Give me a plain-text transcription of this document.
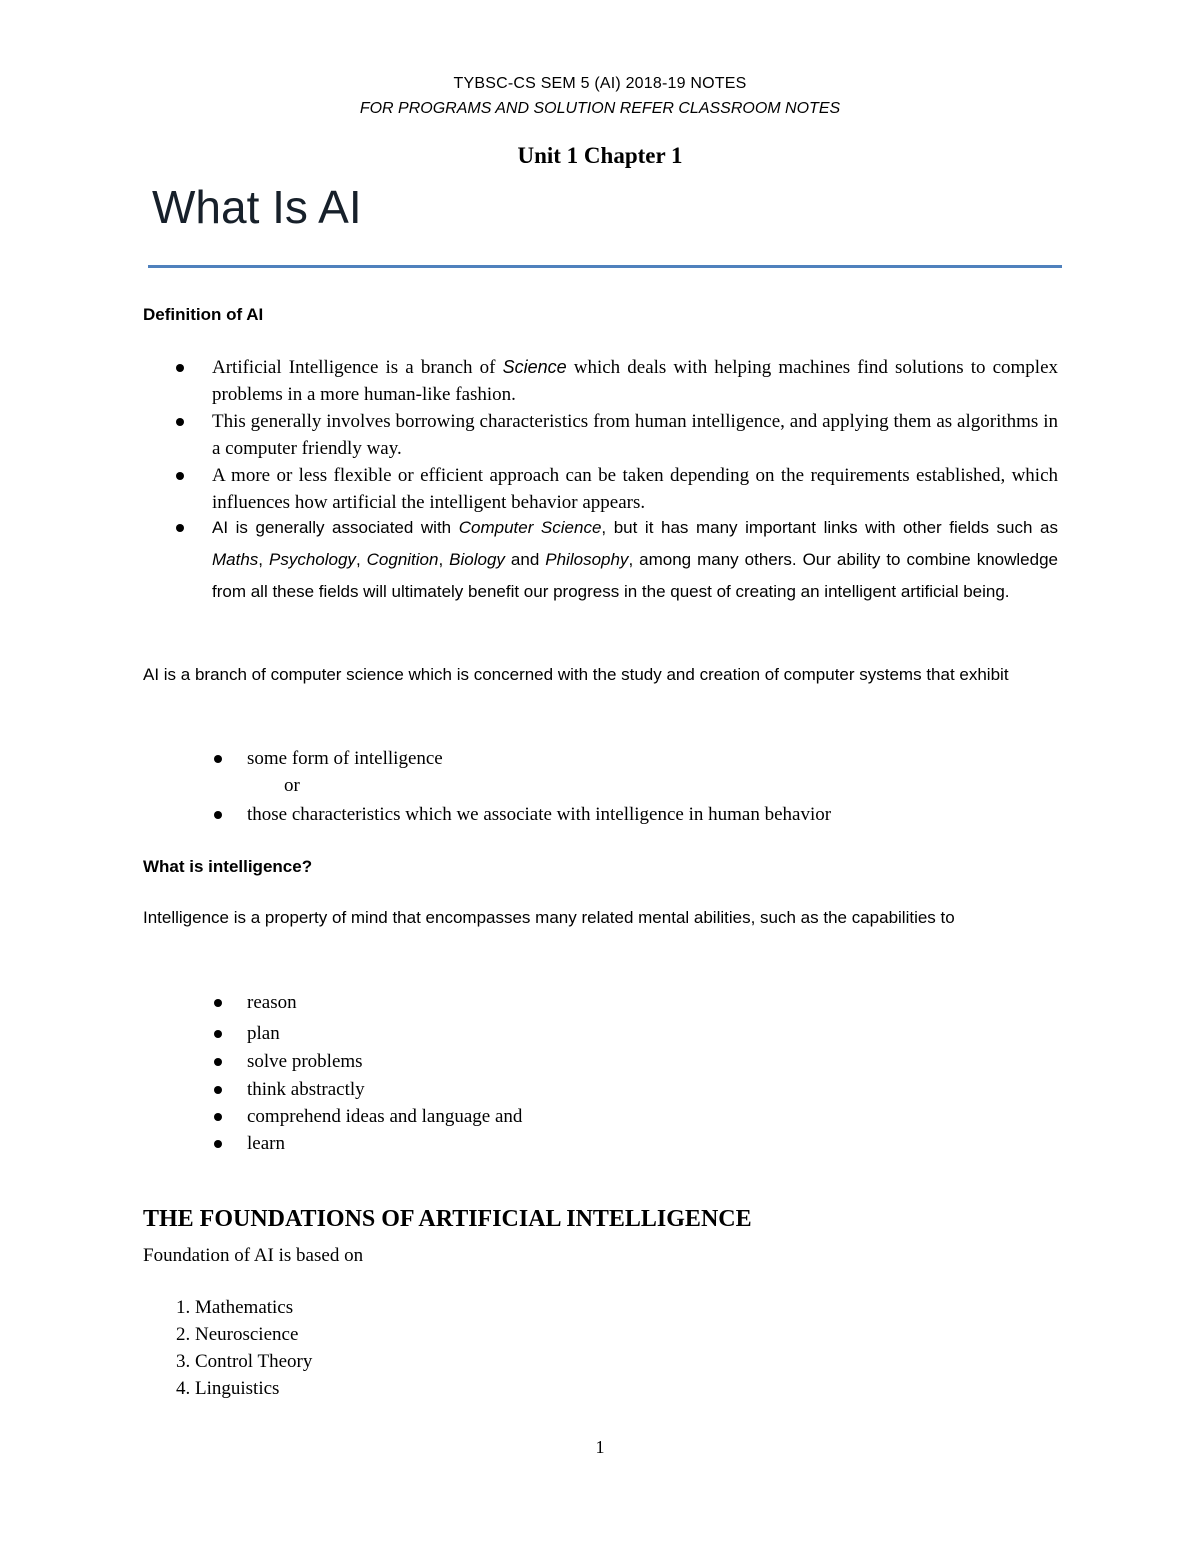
TYBSC-CS SEM 5 (AI) 2018-19 NOTES
FOR PROGRAMS AND SOLUTION REFER CLASSROOM NOTES
Unit 1 Chapter 1
What Is AI
Definition of AI
Artificial Intelligence is a branch of Science which deals with helping machines find solutions to complex problems in a more human-like fashion.
This generally involves borrowing characteristics from human intelligence, and applying them as algorithms in a computer friendly way.
A more or less flexible or efficient approach can be taken depending on the requirements established, which influences how artificial the intelligent behavior appears.
AI is generally associated with Computer Science, but it has many important links with other fields such as Maths, Psychology, Cognition, Biology and Philosophy, among many others. Our ability to combine knowledge from all these fields will ultimately benefit our progress in the quest of creating an intelligent artificial being.
AI is a branch of computer science which is concerned with the study and creation of computer systems that exhibit
some form of intelligence
or
those characteristics which we associate with intelligence in human behavior
What is intelligence?
Intelligence is a property of mind that encompasses many related mental abilities, such as the capabilities to
reason
plan
solve problems
think abstractly
comprehend ideas and language and
learn
THE FOUNDATIONS OF ARTIFICIAL INTELLIGENCE
Foundation of AI is based on
1. Mathematics
2. Neuroscience
3. Control Theory
4. Linguistics
1
